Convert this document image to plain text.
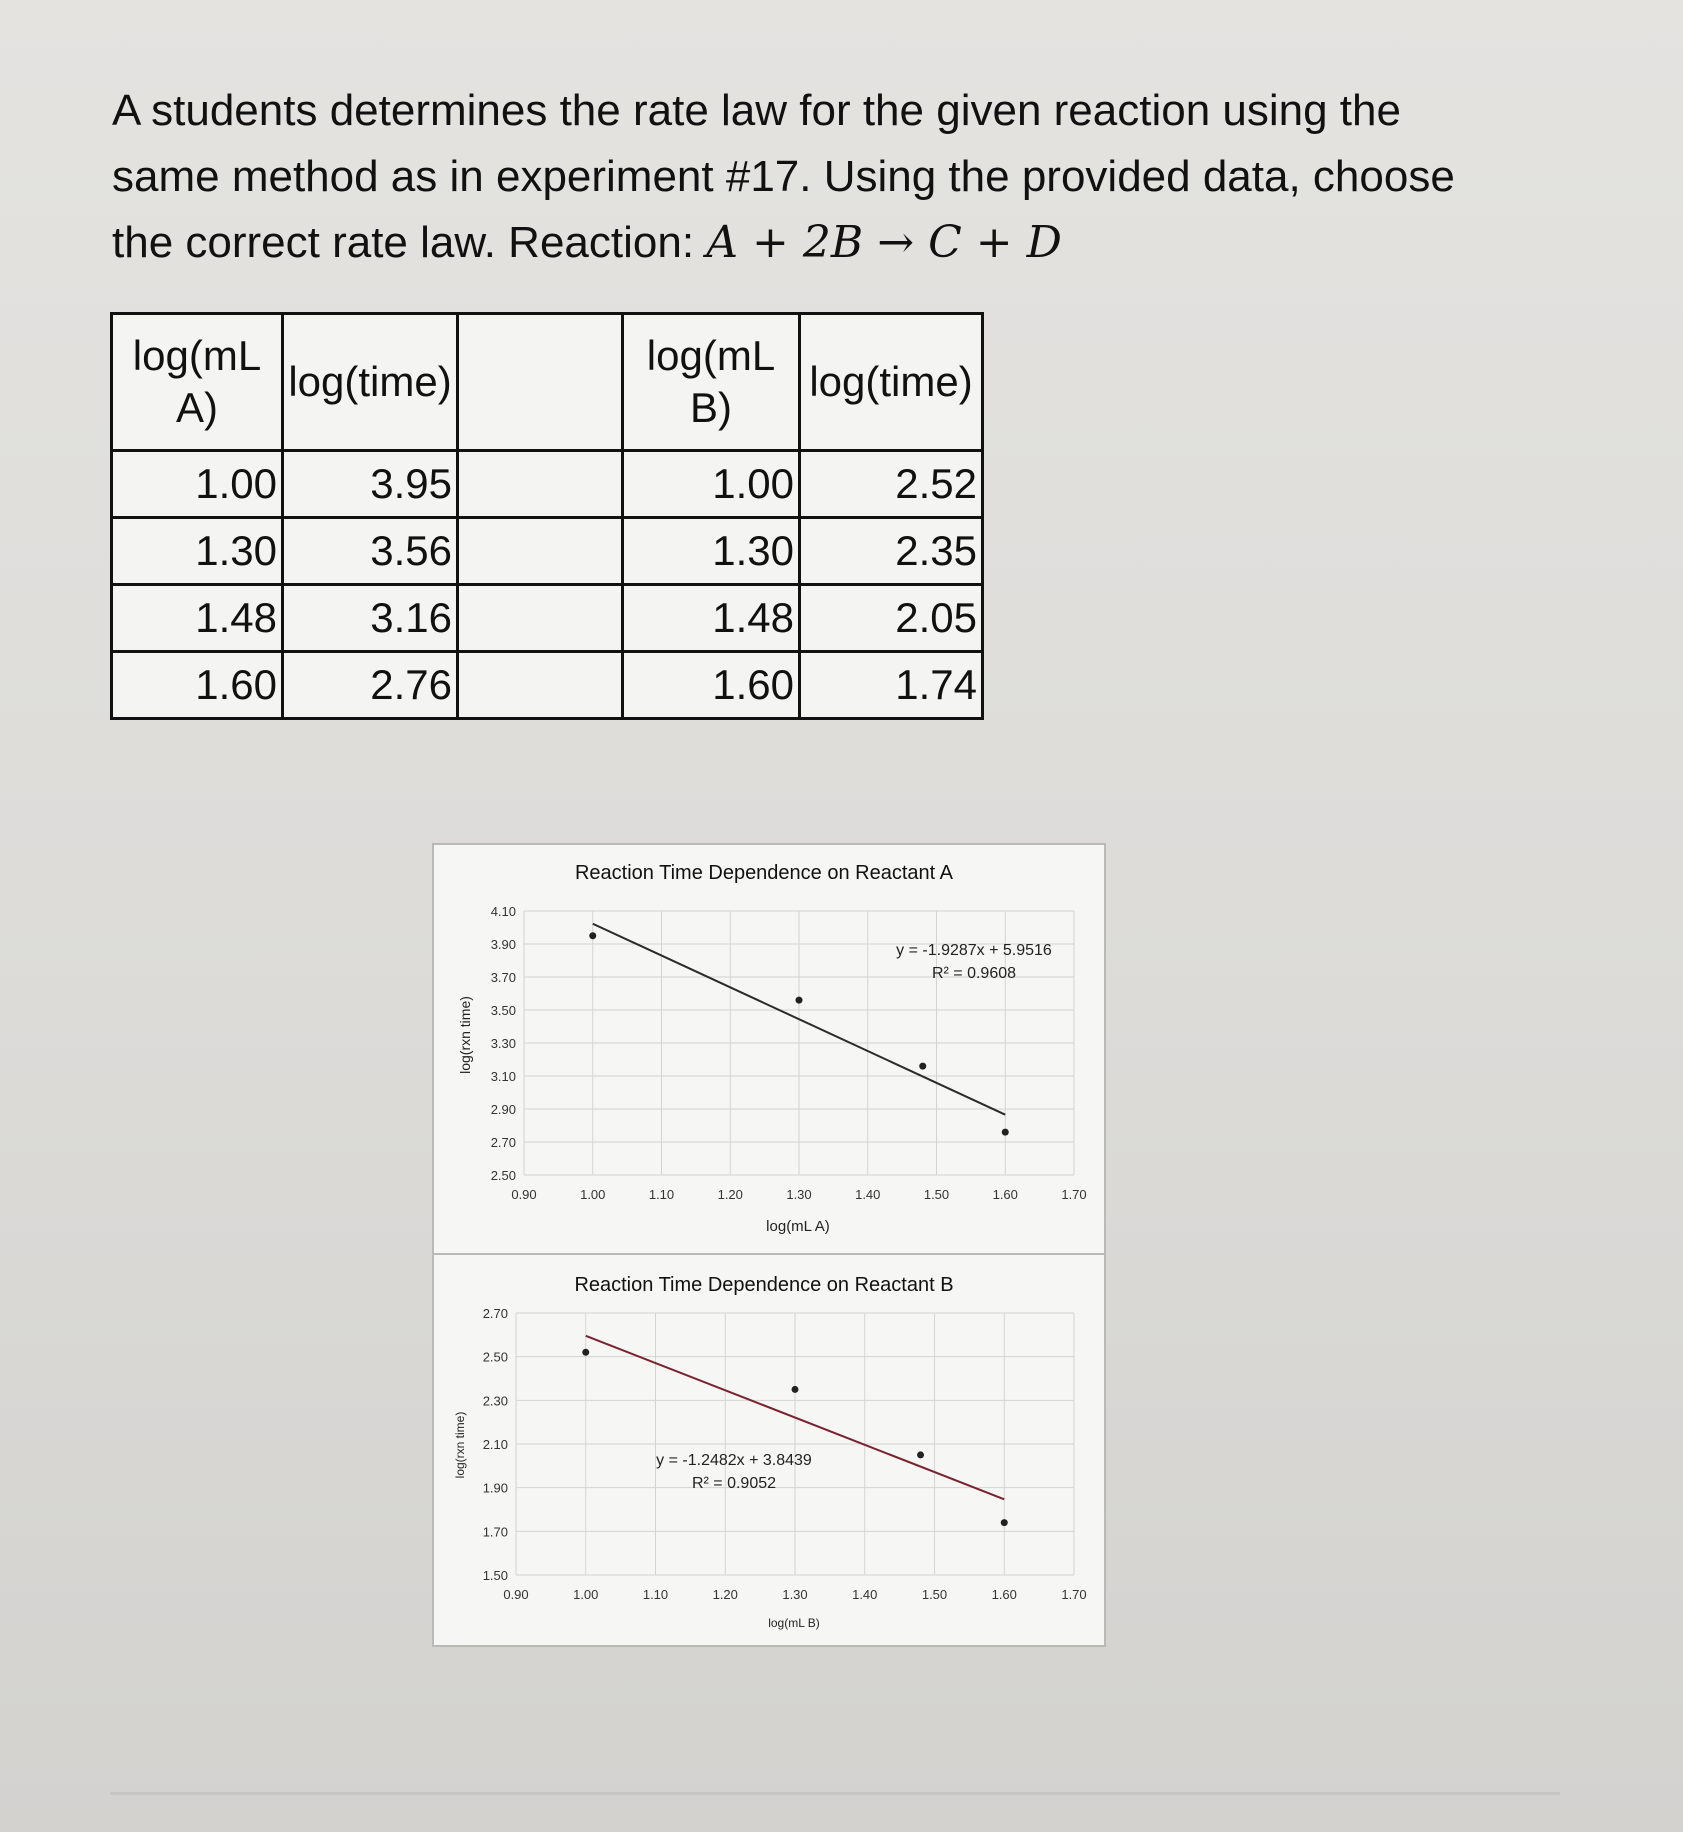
A students determines the rate law for the given reaction using the same method as in experiment #17. Using the provided data, choose the correct rate law. Reaction: A + 2B → C + D
log(mL A)	log(time)		log(mL B)	log(time)
1.00	3.95		1.00	2.52
1.30	3.56		1.30	2.35
1.48	3.16		1.48	2.05
1.60	2.76		1.60	1.74
Reaction Time Dependence on Reactant A
log(rxn time)
log(mL A)
y = -1.9287x + 5.9516
R² = 0.9608
0.90	1.00	1.10	1.20	1.30	1.40	1.50	1.60	1.70
4.10
3.90
3.70
3.50
3.30
3.10
2.90
2.70
2.50
Reaction Time Dependence on Reactant B
log(rxn time)
log(mL B)
y = -1.2482x + 3.8439
R² = 0.9052
0.90	1.00	1.10	1.20	1.30	1.40	1.50	1.60	1.70
2.70
2.50
2.30
2.10
1.90
1.70
1.50
